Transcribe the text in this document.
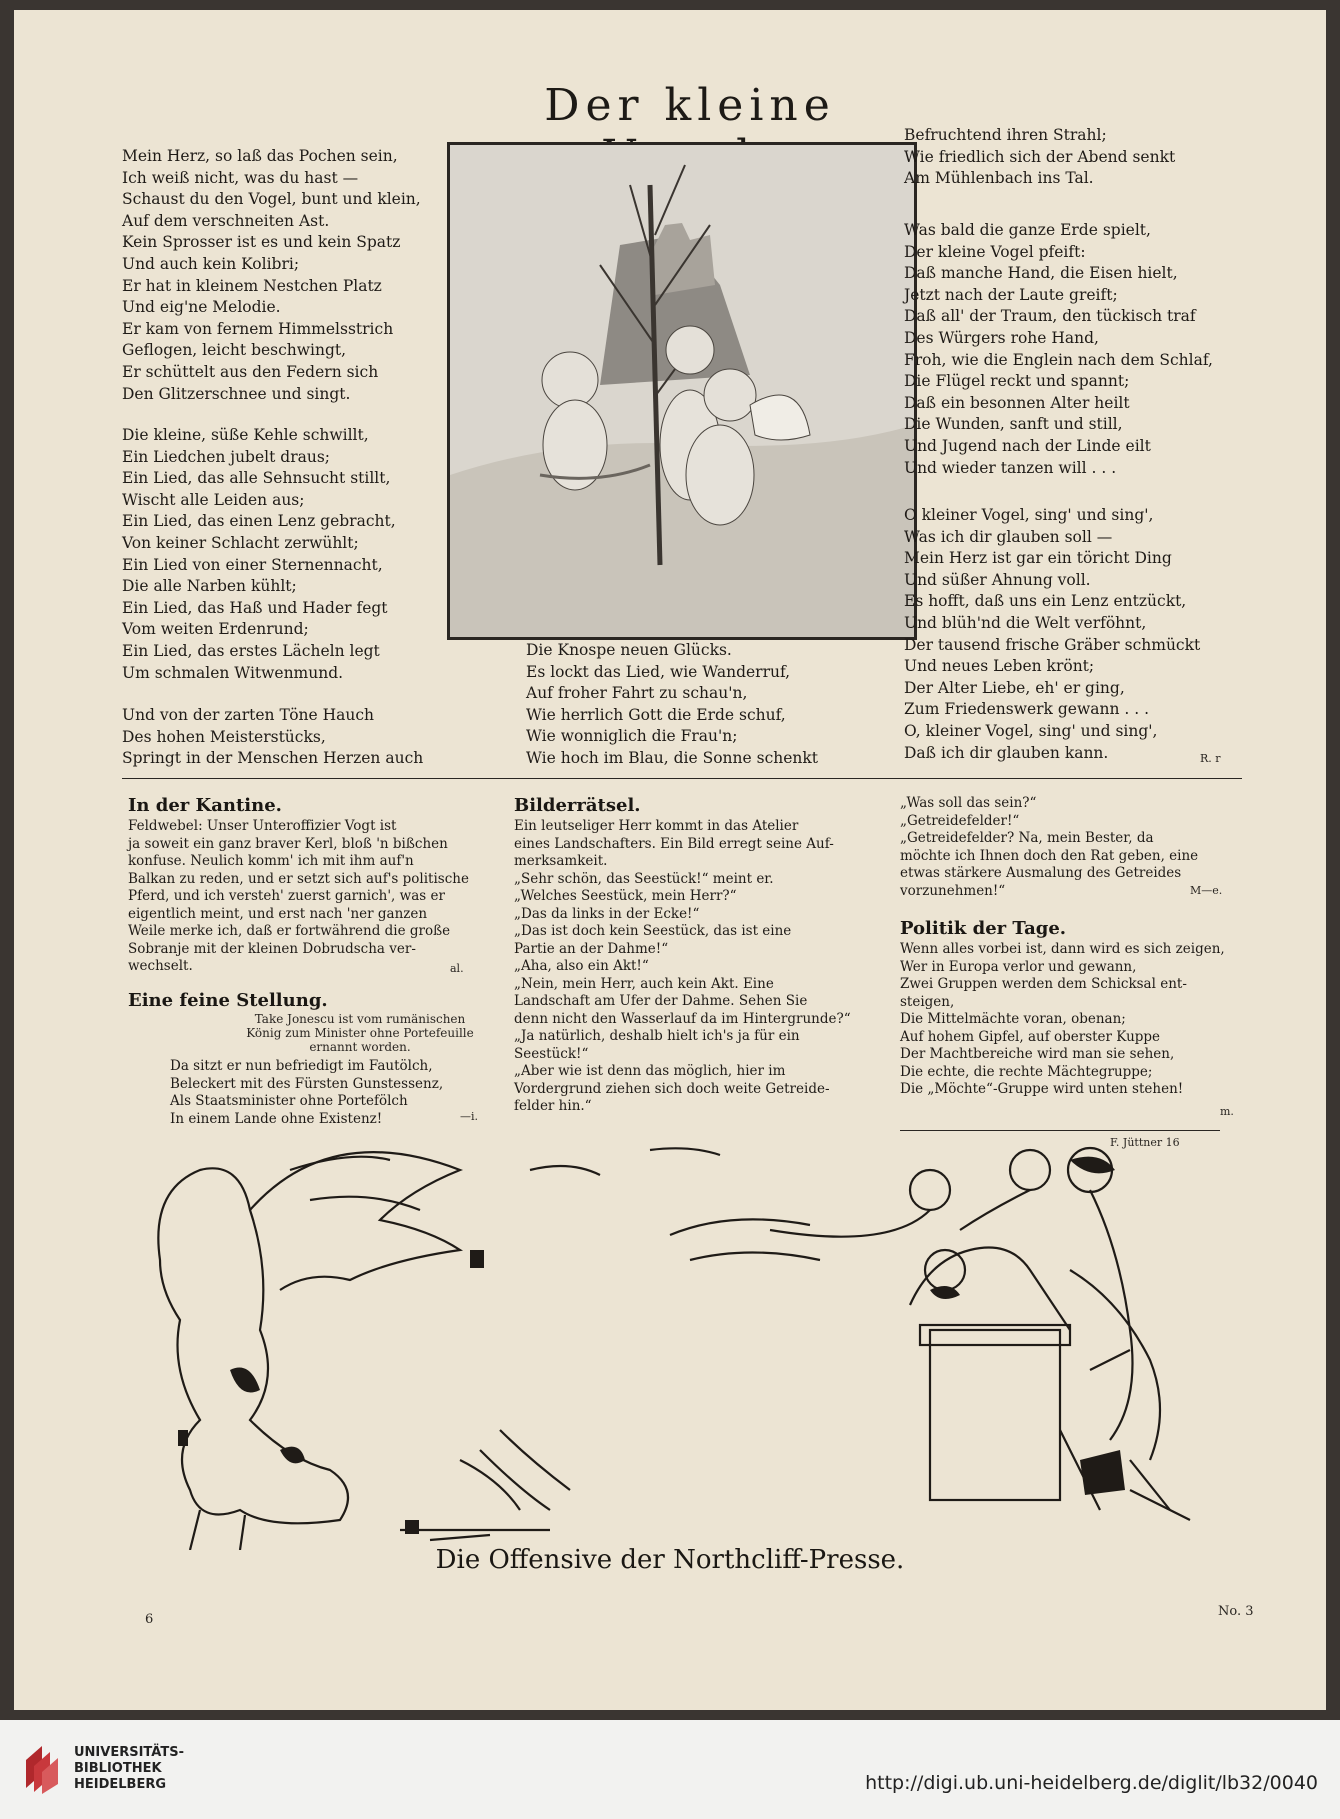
Der kleine
Mein Herz, so laß das Pochen sein,
Ich weiß nicht, was du hast —
Schaust du den Vogel, bunt und klein,
Auf dem verschneiten Ast.
Kein Sprosser ist es und kein Spatz
Und auch kein Kolibri;
Er hat in kleinem Nestchen Platz
Und eig'ne Melodie.
Er kam von fernem Himmelsstrich
Geflogen, leicht beschwingt,
Er schüttelt aus den Federn sich
Den Glitzerschnee und singt.
Die kleine, süße Kehle schwillt,
Ein Liedchen jubelt draus;
Ein Lied, das alle Sehnsucht stillt,
Wischt alle Leiden aus;
Ein Lied, das einen Lenz gebracht,
Von keiner Schlacht zerwühlt;
Ein Lied von einer Sternennacht,
Die alle Narben kühlt;
Ein Lied, das Haß und Hader fegt
Vom weiten Erdenrund;
Ein Lied, das erstes Lächeln legt
Um schmalen Witwenmund.
Und von der zarten Töne Hauch
Des hohen Meisterstücks,
Springt in der Menschen Herzen auch
Die Knospe neuen Glücks.
Es lockt das Lied, wie Wanderruf,
Auf froher Fahrt zu schau'n,
Wie herrlich Gott die Erde schuf,
Wie wonniglich die Frau'n;
Wie hoch im Blau, die Sonne schenkt
Befruchtend ihren Strahl;
Wie friedlich sich der Abend senkt
Am Mühlenbach ins Tal.
Was bald die ganze Erde spielt,
Der kleine Vogel pfeift:
Daß manche Hand, die Eisen hielt,
Jetzt nach der Laute greift;
Daß all' der Traum, den tückisch traf
Des Würgers rohe Hand,
Froh, wie die Englein nach dem Schlaf,
Die Flügel reckt und spannt;
Daß ein besonnen Alter heilt
Die Wunden, sanft und still,
Und Jugend nach der Linde eilt
Und wieder tanzen will . . .
O kleiner Vogel, sing' und sing',
Was ich dir glauben soll —
Mein Herz ist gar ein töricht Ding
Und süßer Ahnung voll.
Es hofft, daß uns ein Lenz entzückt,
Und blüh'nd die Welt verföhnt,
Der tausend frische Gräber schmückt
Und neues Leben krönt;
Der Alter Liebe, eh' er ging,
Zum Friedenswerk gewann . . .
O, kleiner Vogel, sing' und sing',
Daß ich dir glauben kann.	R. r
In der Kantine.
Feldwebel: Unser Unteroffizier Vogt ist
ja soweit ein ganz braver Kerl, bloß 'n bißchen
konfuse. Neulich komm' ich mit ihm auf'n
Balkan zu reden, und er setzt sich auf's politische
Pferd, und ich versteh' zuerst garnich', was er
eigentlich meint, und erst nach 'ner ganzen
Weile merke ich, daß er fortwährend die große
Sobranje mit der kleinen Dobrudscha ver-
wechselt.	al.
Eine feine Stellung.
Take Jonescu ist vom rumänischen
König zum Minister ohne Portefeuille
ernannt worden.
Da sitzt er nun befriedigt im Fautölch,
Beleckert mit des Fürsten Gunstessenz,
Als Staatsminister ohne Portefölch
In einem Lande ohne Existenz!	—i.
Bilderrätsel.
Ein leutseliger Herr kommt in das Atelier
eines Landschafters. Ein Bild erregt seine Auf-
merksamkeit.
„Sehr schön, das Seestück!“ meint er.
„Welches Seestück, mein Herr?“
„Das da links in der Ecke!“
„Das ist doch kein Seestück, das ist eine
Partie an der Dahme!“
„Aha, also ein Akt!“
„Nein, mein Herr, auch kein Akt. Eine
Landschaft am Ufer der Dahme. Sehen Sie
denn nicht den Wasserlauf da im Hintergrunde?“
„Ja natürlich, deshalb hielt ich's ja für ein
Seestück!“
„Aber wie ist denn das möglich, hier im
Vordergrund ziehen sich doch weite Getreide-
felder hin.“
„Was soll das sein?“
„Getreidefelder!“
„Getreidefelder? Na, mein Bester, da
möchte ich Ihnen doch den Rat geben, eine
etwas stärkere Ausmalung des Getreides
vorzunehmen!“	M—e.
Politik der Tage.
Wenn alles vorbei ist, dann wird es sich zeigen,
Wer in Europa verlor und gewann,
Zwei Gruppen werden dem Schicksal ent-
steigen,
Die Mittelmächte voran, obenan;
Auf hohem Gipfel, auf oberster Kuppe
Der Machtbereiche wird man sie sehen,
Die echte, die rechte Mächtegruppe;
Die „Möchte“-Gruppe wird unten stehen!
m.
F. Jüttner 16
Die Offensive der Northcliff-Presse.
6
No. 3
UNIVERSITÄTS-
BIBLIOTHEK
HEIDELBERG	http://digi.ub.uni-heidelberg.de/diglit/lb32/0040
